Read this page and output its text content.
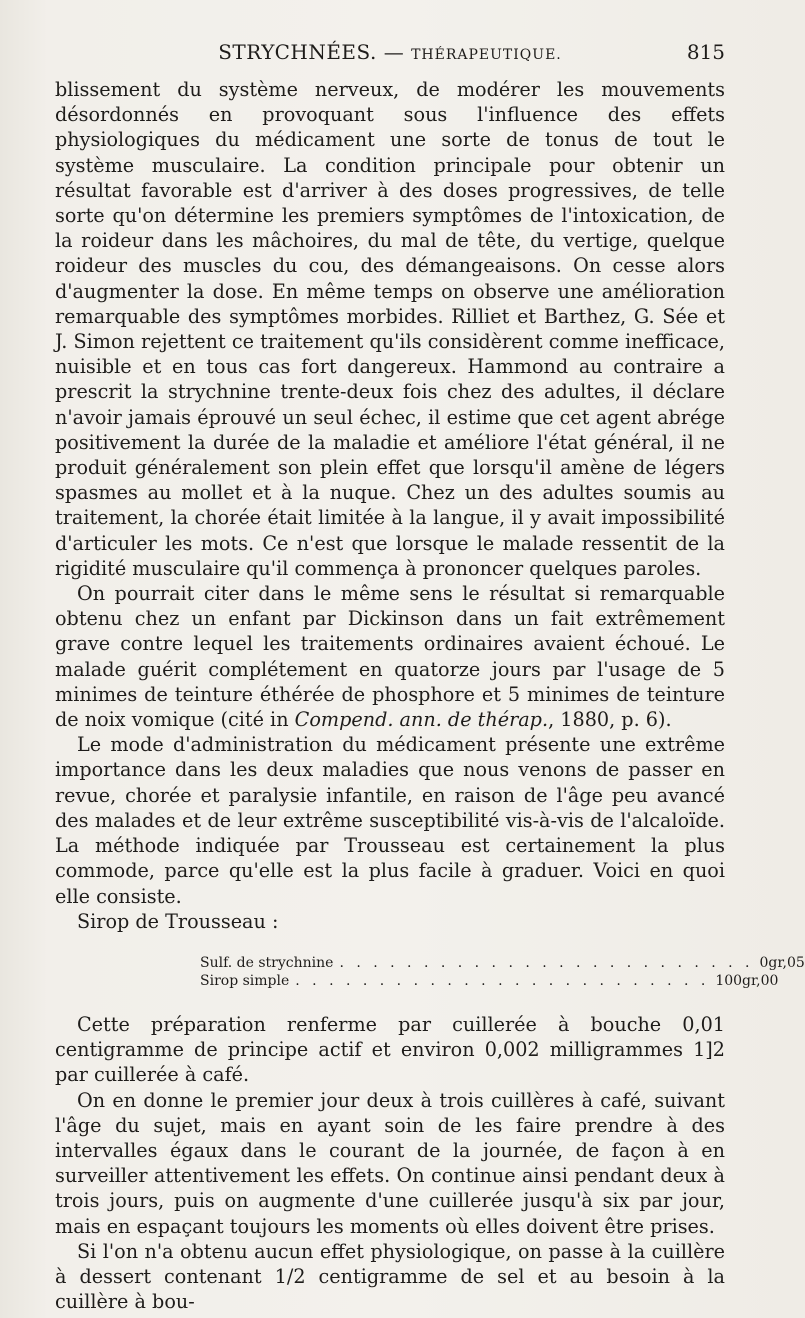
STRYCHNÉES. — THÉRAPEUTIQUE.	815

blissement du système nerveux, de modérer les mouvements désordonnés en provoquant sous l'influence des effets physiologiques du médicament une sorte de tonus de tout le système musculaire. La condition principale pour obtenir un résultat favorable est d'arriver à des doses progressives, de telle sorte qu'on détermine les premiers symptômes de l'intoxication, de la roideur dans les mâchoires, du mal de tête, du vertige, quelque roideur des muscles du cou, des démangeaisons. On cesse alors d'augmenter la dose. En même temps on observe une amélioration remarquable des symptômes morbides. Rilliet et Barthez, G. Sée et J. Simon rejettent ce traitement qu'ils considèrent comme inefficace, nuisible et en tous cas fort dangereux. Hammond au contraire a prescrit la strychnine trente-deux fois chez des adultes, il déclare n'avoir jamais éprouvé un seul échec, il estime que cet agent abrége positivement la durée de la maladie et améliore l'état général, il ne produit généralement son plein effet que lorsqu'il amène de légers spasmes au mollet et à la nuque. Chez un des adultes soumis au traitement, la chorée était limitée à la langue, il y avait impossibilité d'articuler les mots. Ce n'est que lorsque le malade ressentit de la rigidité musculaire qu'il commença à prononcer quelques paroles.

On pourrait citer dans le même sens le résultat si remarquable obtenu chez un enfant par Dickinson dans un fait extrêmement grave contre lequel les traitements ordinaires avaient échoué. Le malade guérit complétement en quatorze jours par l'usage de 5 minimes de teinture éthérée de phosphore et 5 minimes de teinture de noix vomique (cité in Compend. ann. de thérap., 1880, p. 6).

Le mode d'administration du médicament présente une extrême importance dans les deux maladies que nous venons de passer en revue, chorée et paralysie infantile, en raison de l'âge peu avancé des malades et de leur extrême susceptibilité vis-à-vis de l'alcaloïde. La méthode indiquée par Trousseau est certainement la plus commode, parce qu'elle est la plus facile à graduer. Voici en quoi elle consiste.

Sirop de Trousseau :

Sulf. de strychnine . . . . . . . . . . . . . . . . . . . . . . . . . 0gr,05
Sirop simple . . . . . . . . . . . . . . . . . . . . . . . . . 100gr,00

Cette préparation renferme par cuillerée à bouche 0,01 centigramme de principe actif et environ 0,002 milligrammes 1]2 par cuillerée à café.

On en donne le premier jour deux à trois cuillères à café, suivant l'âge du sujet, mais en ayant soin de les faire prendre à des intervalles égaux dans le courant de la journée, de façon à en surveiller attentivement les effets. On continue ainsi pendant deux à trois jours, puis on augmente d'une cuillerée jusqu'à six par jour, mais en espaçant toujours les moments où elles doivent être prises.

Si l'on n'a obtenu aucun effet physiologique, on passe à la cuillère à dessert contenant 1/2 centigramme de sel et au besoin à la cuillère à bou-
